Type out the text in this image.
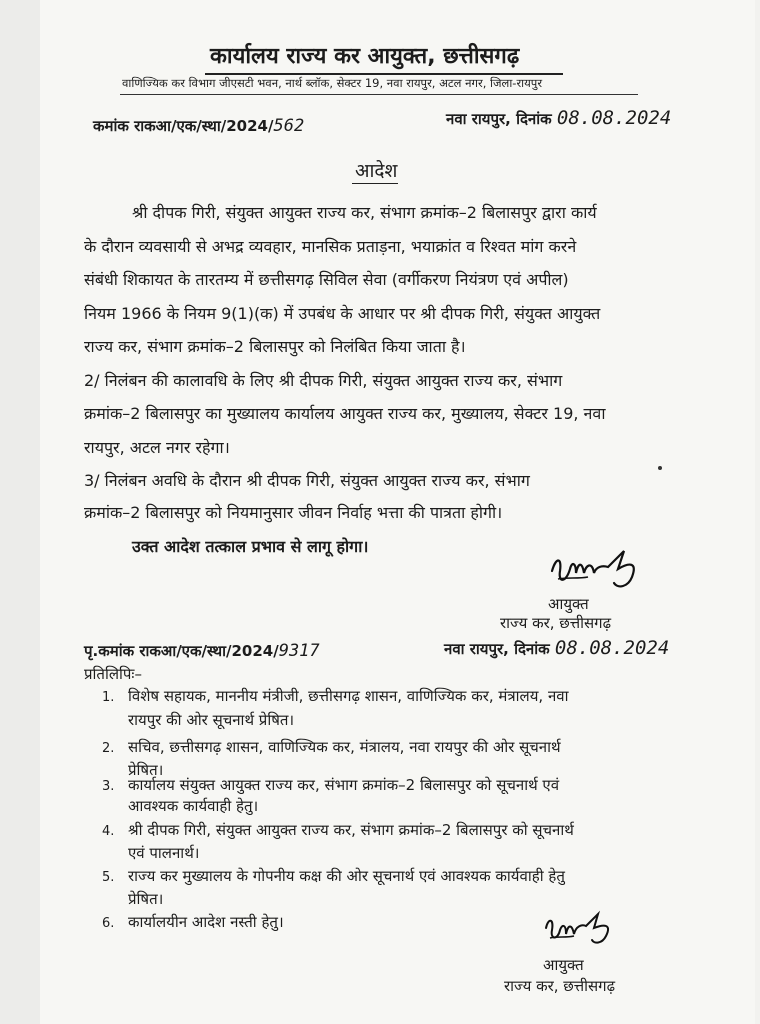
कार्यालय राज्य कर आयुक्त, छत्तीसगढ़
वाणिज्यिक कर विभाग जीएसटी भवन, नार्थ ब्लॉक, सेक्टर 19, नवा रायपुर, अटल नगर, जिला-रायपुर
कमांक राकआ/एक/स्था/2024/562	नवा रायपुर, दिनांक 08.08.2024
आदेश
श्री दीपक गिरी, संयुक्त आयुक्त राज्य कर, संभाग क्रमांक–2 बिलासपुर द्वारा कार्य
के दौरान व्यवसायी से अभद्र व्यवहार, मानसिक प्रताड़ना, भयाक्रांत व रिश्वत मांग करने
संबंधी शिकायत के तारतम्य में छत्तीसगढ़ सिविल सेवा (वर्गीकरण नियंत्रण एवं अपील)
नियम 1966 के नियम 9(1)(क) में उपबंध के आधार पर श्री दीपक गिरी, संयुक्त आयुक्त
राज्य कर, संभाग क्रमांक–2 बिलासपुर को निलंबित किया जाता है।
2/ निलंबन की कालावधि के लिए श्री दीपक गिरी, संयुक्त आयुक्त राज्य कर, संभाग
क्रमांक–2 बिलासपुर का मुख्यालय कार्यालय आयुक्त राज्य कर, मुख्यालय, सेक्टर 19, नवा
रायपुर, अटल नगर रहेगा।
3/ निलंबन अवधि के दौरान श्री दीपक गिरी, संयुक्त आयुक्त राज्य कर, संभाग
क्रमांक–2 बिलासपुर को नियमानुसार जीवन निर्वाह भत्ता की पात्रता होगी।
उक्त आदेश तत्काल प्रभाव से लागू होगा।
आयुक्त
राज्य कर, छत्तीसगढ़
पृ.कमांक राकआ/एक/स्था/2024/9317	नवा रायपुर, दिनांक 08.08.2024
प्रतिलिपिः–
1. विशेष सहायक, माननीय मंत्रीजी, छत्तीसगढ़ शासन, वाणिज्यिक कर, मंत्रालय, नवा
रायपुर की ओर सूचनार्थ प्रेषित।
2. सचिव, छत्तीसगढ़ शासन, वाणिज्यिक कर, मंत्रालय, नवा रायपुर की ओर सूचनार्थ
प्रेषित।
3. कार्यालय संयुक्त आयुक्त राज्य कर, संभाग क्रमांक–2 बिलासपुर को सूचनार्थ एवं
आवश्यक कार्यवाही हेतु।
4. श्री दीपक गिरी, संयुक्त आयुक्त राज्य कर, संभाग क्रमांक–2 बिलासपुर को सूचनार्थ
एवं पालनार्थ।
5. राज्य कर मुख्यालय के गोपनीय कक्ष की ओर सूचनार्थ एवं आवश्यक कार्यवाही हेतु
प्रेषित।
6. कार्यालयीन आदेश नस्ती हेतु।
आयुक्त
राज्य कर, छत्तीसगढ़
